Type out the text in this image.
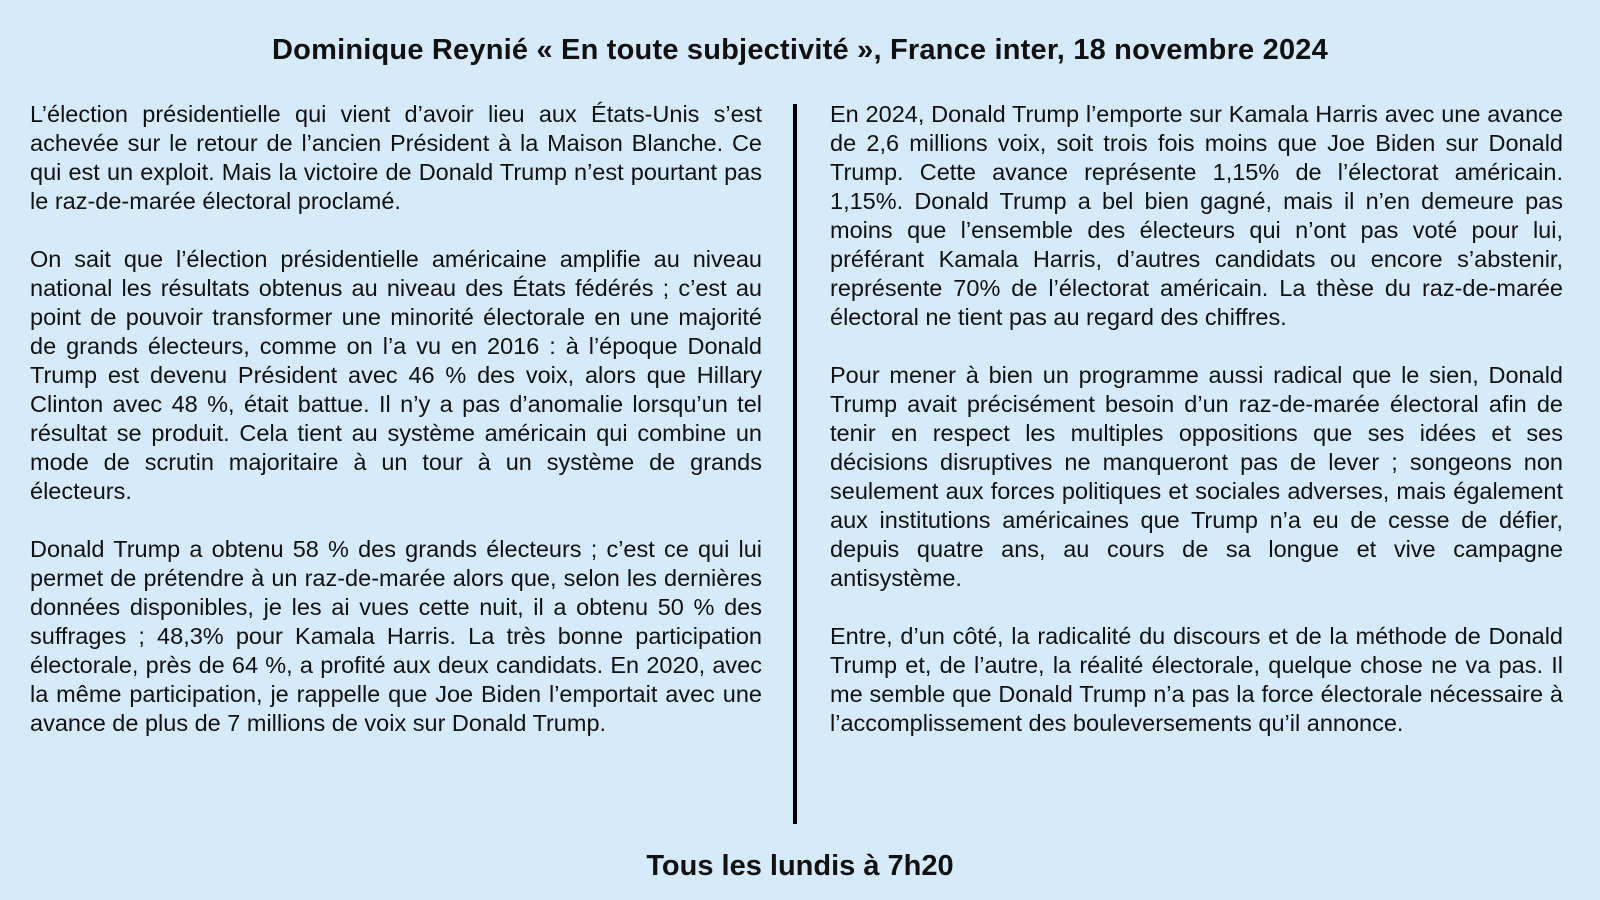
Dominique Reynié « En toute subjectivité », France inter, 18 novembre 2024

L’élection présidentielle qui vient d’avoir lieu aux États-Unis s’est achevée sur le retour de l’ancien Président à la Maison Blanche. Ce qui est un exploit. Mais la victoire de Donald Trump n’est pourtant pas le raz-de-marée électoral proclamé.

On sait que l’élection présidentielle américaine amplifie au niveau national les résultats obtenus au niveau des États fédérés ; c’est au point de pouvoir transformer une minorité électorale en une majorité de grands électeurs, comme on l’a vu en 2016 : à l’époque Donald Trump est devenu Président avec 46 % des voix, alors que Hillary Clinton avec 48 %, était battue. Il n’y a pas d’anomalie lorsqu’un tel résultat se produit. Cela tient au système américain qui combine un mode de scrutin majoritaire à un tour à un système de grands électeurs.

Donald Trump a obtenu 58 % des grands électeurs ; c’est ce qui lui permet de prétendre à un raz-de-marée alors que, selon les dernières données disponibles, je les ai vues cette nuit, il a obtenu 50 % des suffrages ; 48,3% pour Kamala Harris. La très bonne participation électorale, près de 64 %, a profité aux deux candidats. En 2020, avec la même participation, je rappelle que Joe Biden l’emportait avec une avance de plus de 7 millions de voix sur Donald Trump.

En 2024, Donald Trump l’emporte sur Kamala Harris avec une avance de 2,6 millions voix, soit trois fois moins que Joe Biden sur Donald Trump. Cette avance représente 1,15% de l’électorat américain. 1,15%. Donald Trump a bel bien gagné, mais il n’en demeure pas moins que l’ensemble des électeurs qui n’ont pas voté pour lui, préférant Kamala Harris, d’autres candidats ou encore s’abstenir, représente 70% de l’électorat américain. La thèse du raz-de-marée électoral ne tient pas au regard des chiffres.

Pour mener à bien un programme aussi radical que le sien, Donald Trump avait précisément besoin d’un raz-de-marée électoral afin de tenir en respect les multiples oppositions que ses idées et ses décisions disruptives ne manqueront pas de lever ; songeons non seulement aux forces politiques et sociales adverses, mais également aux institutions américaines que Trump n’a eu de cesse de défier, depuis quatre ans, au cours de sa longue et vive campagne antisystème.

Entre, d’un côté, la radicalité du discours et de la méthode de Donald Trump et, de l’autre, la réalité électorale, quelque chose ne va pas. Il me semble que Donald Trump n’a pas la force électorale nécessaire à l’accomplissement des bouleversements qu’il annonce.

Tous les lundis à 7h20
